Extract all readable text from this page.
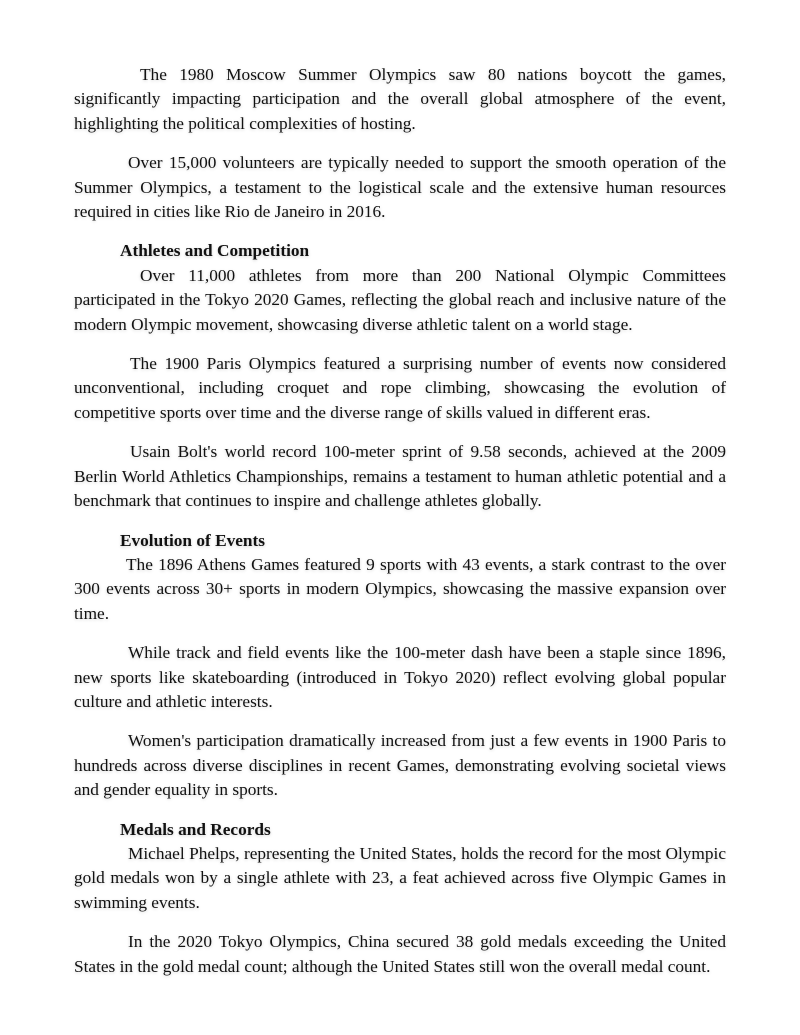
The 1980 Moscow Summer Olympics saw 80 nations boycott the games, significantly impacting participation and the overall global atmosphere of the event, highlighting the political complexities of hosting.

Over 15,000 volunteers are typically needed to support the smooth operation of the Summer Olympics, a testament to the logistical scale and the extensive human resources required in cities like Rio de Janeiro in 2016.

Athletes and Competition

Over 11,000 athletes from more than 200 National Olympic Committees participated in the Tokyo 2020 Games, reflecting the global reach and inclusive nature of the modern Olympic movement, showcasing diverse athletic talent on a world stage.

The 1900 Paris Olympics featured a surprising number of events now considered unconventional, including croquet and rope climbing, showcasing the evolution of competitive sports over time and the diverse range of skills valued in different eras.

Usain Bolt's world record 100-meter sprint of 9.58 seconds, achieved at the 2009 Berlin World Athletics Championships, remains a testament to human athletic potential and a benchmark that continues to inspire and challenge athletes globally.

Evolution of Events

The 1896 Athens Games featured 9 sports with 43 events, a stark contrast to the over 300 events across 30+ sports in modern Olympics, showcasing the massive expansion over time.

While track and field events like the 100-meter dash have been a staple since 1896, new sports like skateboarding (introduced in Tokyo 2020) reflect evolving global popular culture and athletic interests.

Women's participation dramatically increased from just a few events in 1900 Paris to hundreds across diverse disciplines in recent Games, demonstrating evolving societal views and gender equality in sports.

Medals and Records

Michael Phelps, representing the United States, holds the record for the most Olympic gold medals won by a single athlete with 23, a feat achieved across five Olympic Games in swimming events.

In the 2020 Tokyo Olympics, China secured 38 gold medals exceeding the United States in the gold medal count; although the United States still won the overall medal count.
